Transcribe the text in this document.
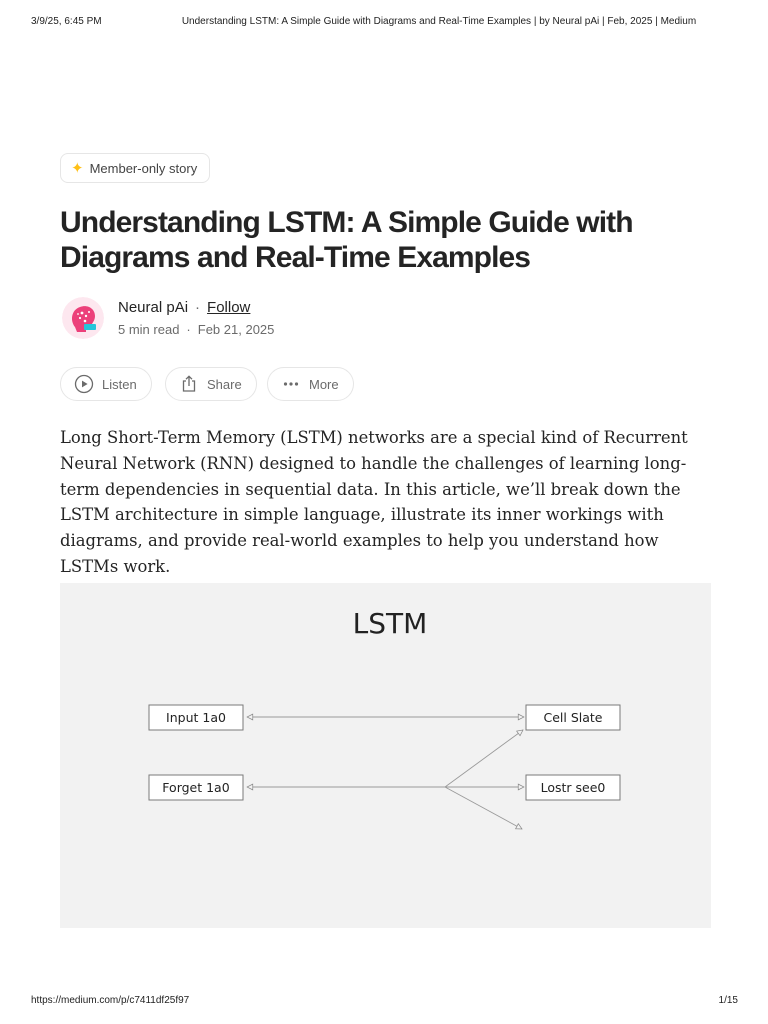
3/9/25, 6:45 PM	Understanding LSTM: A Simple Guide with Diagrams and Real-Time Examples | by Neural pAi | Feb, 2025 | Medium
✦ Member-only story
Understanding LSTM: A Simple Guide with
Diagrams and Real-Time Examples
Neural pAi · Follow
5 min read · Feb 21, 2025
Listen	Share	More

Long Short-Term Memory (LSTM) networks are a special kind of Recurrent Neural Network (RNN) designed to handle the challenges of learning long-term dependencies in sequential data. In this article, we’ll break down the LSTM architecture in simple language, illustrate its inner workings with diagrams, and provide real-world examples to help you understand how LSTMs work.

LSTM
Input 1a0
Forget 1a0
Cell Slate
Lostr see0
https://medium.com/p/c7411df25f97	1/15
